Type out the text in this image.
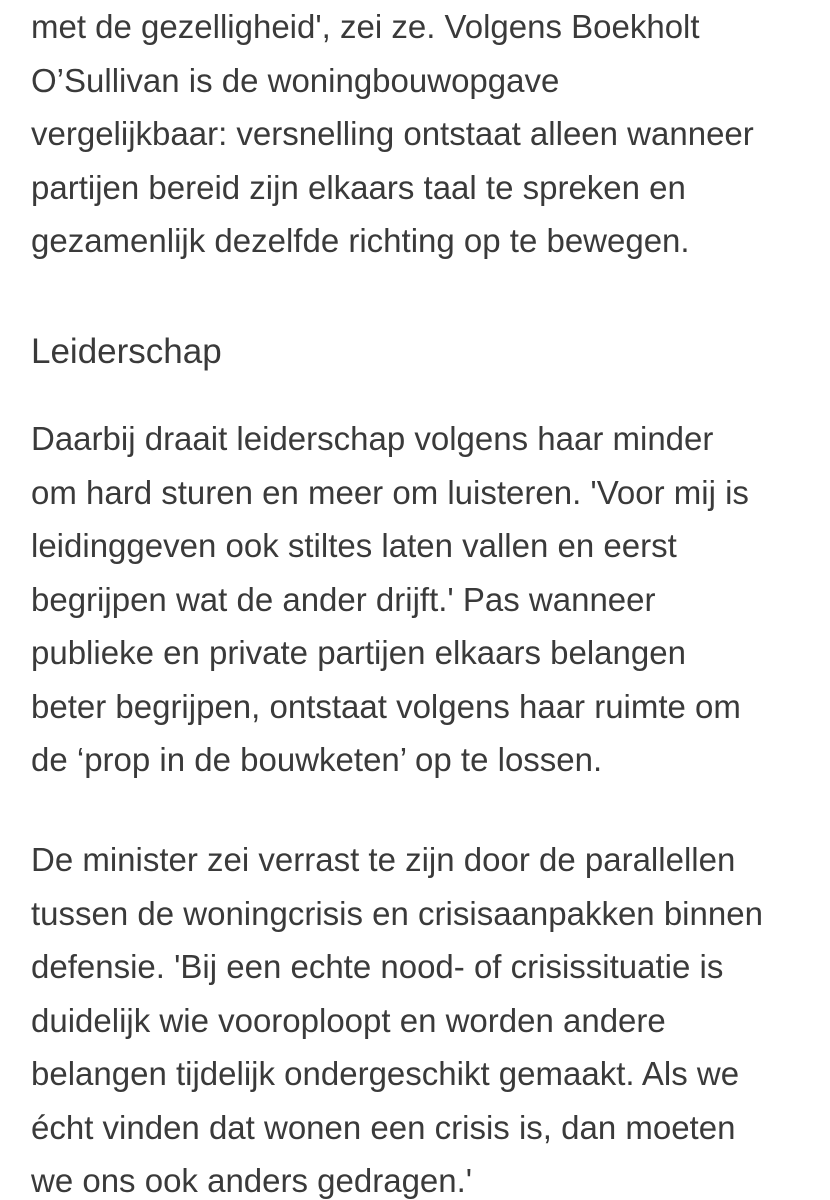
met de gezelligheid', zei ze. Volgens Boekholt
O’Sullivan is de woningbouwopgave
vergelijkbaar: versnelling ontstaat alleen wanneer
partijen bereid zijn elkaars taal te spreken en
gezamenlijk dezelfde richting op te bewegen.

Leiderschap

Daarbij draait leiderschap volgens haar minder
om hard sturen en meer om luisteren. 'Voor mij is
leidinggeven ook stiltes laten vallen en eerst
begrijpen wat de ander drijft.' Pas wanneer
publieke en private partijen elkaars belangen
beter begrijpen, ontstaat volgens haar ruimte om
de ‘prop in de bouwketen’ op te lossen.

De minister zei verrast te zijn door de parallellen
tussen de woningcrisis en crisisaanpakken binnen
defensie. 'Bij een echte nood- of crisissituatie is
duidelijk wie vooroploopt en worden andere
belangen tijdelijk ondergeschikt gemaakt. Als we
écht vinden dat wonen een crisis is, dan moeten
we ons ook anders gedragen.'
